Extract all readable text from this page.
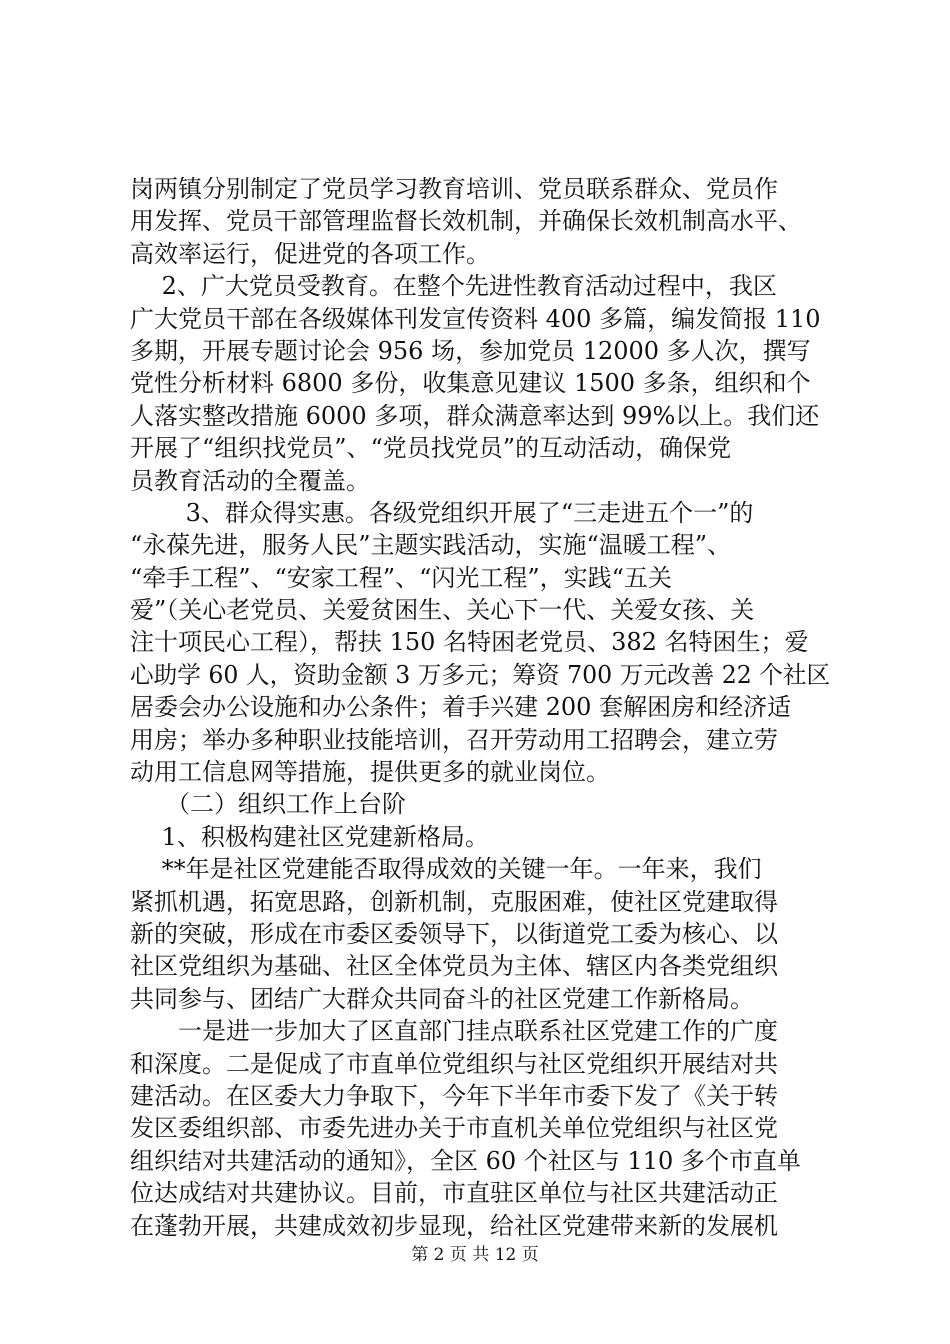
岗两镇分别制定了党员学习教育培训、党员联系群众、党员作
用发挥、党员干部管理监督长效机制，并确保长效机制高水平、
高效率运行，促进党的各项工作。
　 2、广大党员受教育。在整个先进性教育活动过程中，我区
广大党员干部在各级媒体刊发宣传资料 400 多篇，编发简报 110
多期，开展专题讨论会 956 场，参加党员 12000 多人次，撰写
党性分析材料 6800 多份，收集意见建议 1500 多条，组织和个
人落实整改措施 6000 多项，群众满意率达到 99%以上。我们还
开展了“组织找党员”、“党员找党员”的互动活动，确保党
员教育活动的全覆盖。
　　 3、群众得实惠。各级党组织开展了“三走进五个一”的
“永葆先进，服务人民”主题实践活动，实施“温暖工程”、
“牵手工程”、“安家工程”、“闪光工程”，实践“五关
爱”（关心老党员、关爱贫困生、关心下一代、关爱女孩、关
注十项民心工程），帮扶 150 名特困老党员、382 名特困生；爱
心助学 60 人，资助金额 3 万多元；筹资 700 万元改善 22 个社区
居委会办公设施和办公条件；着手兴建 200 套解困房和经济适
用房；举办多种职业技能培训，召开劳动用工招聘会，建立劳
动用工信息网等措施，提供更多的就业岗位。
　　（二）组织工作上台阶
　 1、积极构建社区党建新格局。
　 **年是社区党建能否取得成效的关键一年。一年来，我们
紧抓机遇，拓宽思路，创新机制，克服困难，使社区党建取得
新的突破，形成在市委区委领导下，以街道党工委为核心、以
社区党组织为基础、社区全体党员为主体、辖区内各类党组织
共同参与、团结广大群众共同奋斗的社区党建工作新格局。
　　一是进一步加大了区直部门挂点联系社区党建工作的广度
和深度。二是促成了市直单位党组织与社区党组织开展结对共
建活动。在区委大力争取下，今年下半年市委下发了《关于转
发区委组织部、市委先进办关于市直机关单位党组织与社区党
组织结对共建活动的通知》，全区 60 个社区与 110 多个市直单
位达成结对共建协议。目前，市直驻区单位与社区共建活动正
在蓬勃开展，共建成效初步显现，给社区党建带来新的发展机
第 2 页 共 12 页
